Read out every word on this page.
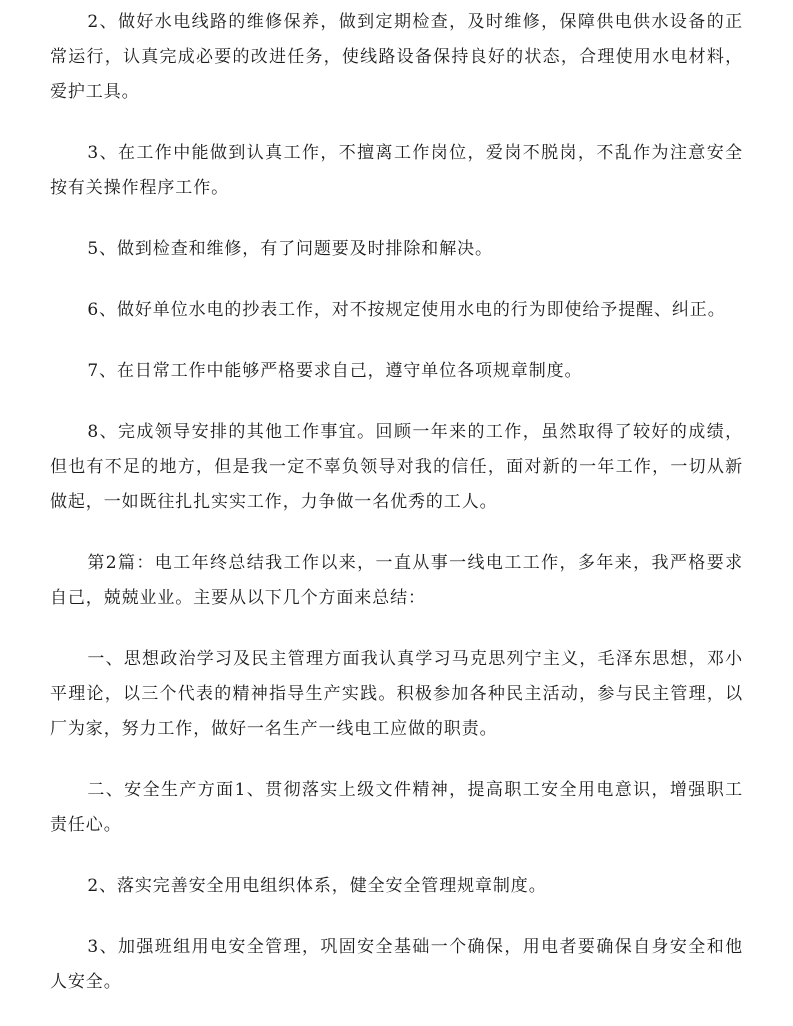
2、做好水电线路的维修保养，做到定期检查，及时维修，保障供电供水设备的正常运行，认真完成必要的改进任务，使线路设备保持良好的状态，合理使用水电材料，爱护工具。

3、在工作中能做到认真工作，不擅离工作岗位，爱岗不脱岗，不乱作为注意安全按有关操作程序工作。

5、做到检查和维修，有了问题要及时排除和解决。

6、做好单位水电的抄表工作，对不按规定使用水电的行为即使给予提醒、纠正。

7、在日常工作中能够严格要求自己，遵守单位各项规章制度。

8、完成领导安排的其他工作事宜。回顾一年来的工作，虽然取得了较好的成绩，但也有不足的地方，但是我一定不辜负领导对我的信任，面对新的一年工作，一切从新做起，一如既往扎扎实实工作，力争做一名优秀的工人。

第2篇：电工年终总结我工作以来，一直从事一线电工工作，多年来，我严格要求自己，兢兢业业。主要从以下几个方面来总结：

一、思想政治学习及民主管理方面我认真学习马克思列宁主义，毛泽东思想，邓小平理论，以三个代表的精神指导生产实践。积极参加各种民主活动，参与民主管理，以厂为家，努力工作，做好一名生产一线电工应做的职责。

二、安全生产方面1、贯彻落实上级文件精神，提高职工安全用电意识，增强职工责任心。

2、落实完善安全用电组织体系，健全安全管理规章制度。

3、加强班组用电安全管理，巩固安全基础一个确保，用电者要确保自身安全和他人安全。
